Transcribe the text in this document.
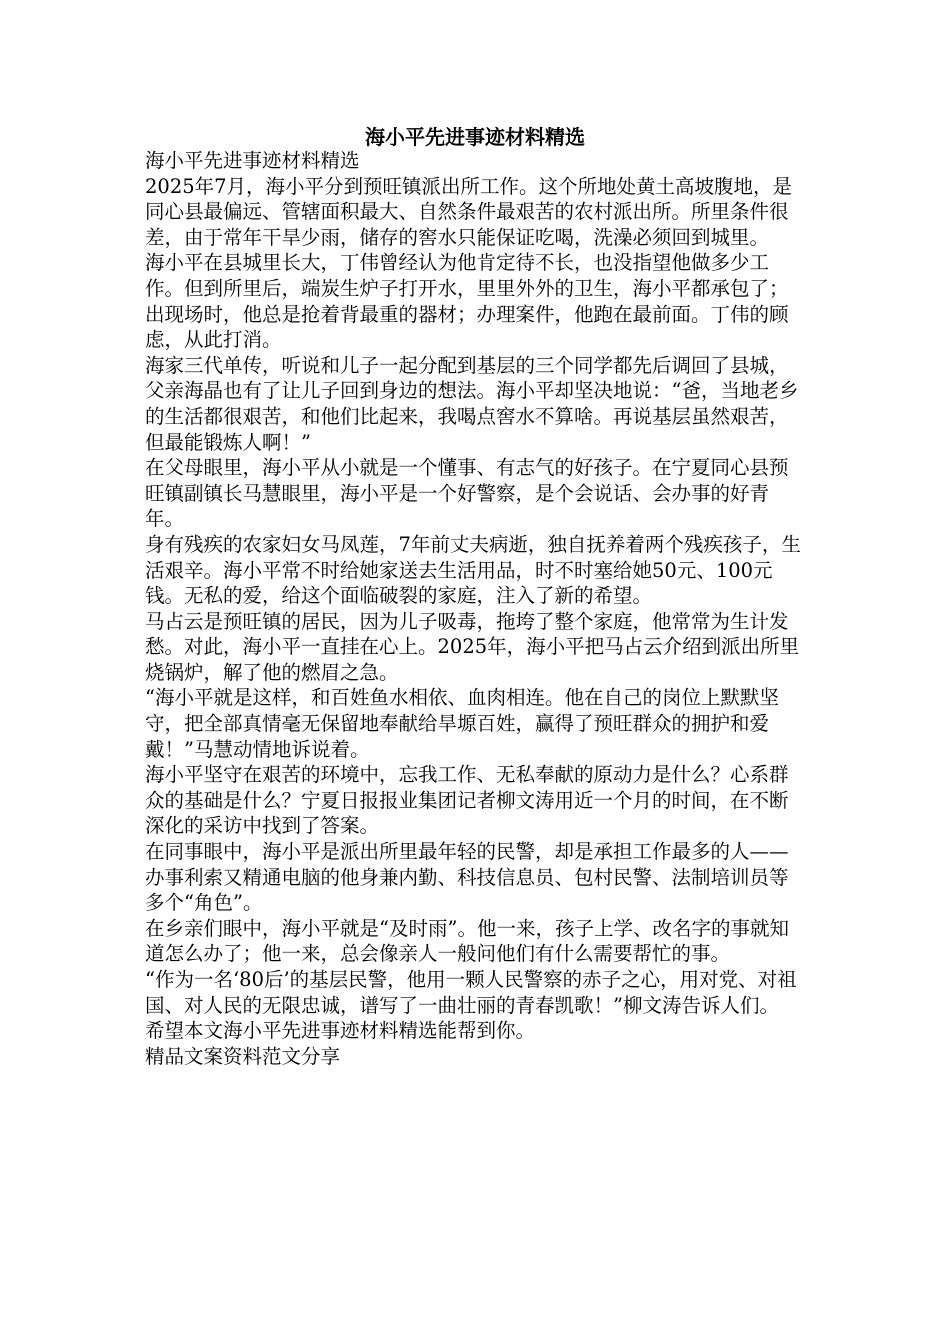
海小平先进事迹材料精选

海小平先进事迹材料精选

2025年7月，海小平分到预旺镇派出所工作。这个所地处黄土高坡腹地，是同心县最偏远、管辖面积最大、自然条件最艰苦的农村派出所。所里条件很差，由于常年干旱少雨，储存的窖水只能保证吃喝，洗澡必须回到城里。

海小平在县城里长大，丁伟曾经认为他肯定待不长，也没指望他做多少工作。但到所里后，端炭生炉子打开水，里里外外的卫生，海小平都承包了；出现场时，他总是抢着背最重的器材；办理案件，他跑在最前面。丁伟的顾虑，从此打消。

海家三代单传，听说和儿子一起分配到基层的三个同学都先后调回了县城，父亲海晶也有了让儿子回到身边的想法。海小平却坚决地说：“爸，当地老乡的生活都很艰苦，和他们比起来，我喝点窖水不算啥。再说基层虽然艰苦，但最能锻炼人啊！”

在父母眼里，海小平从小就是一个懂事、有志气的好孩子。在宁夏同心县预旺镇副镇长马慧眼里，海小平是一个好警察，是个会说话、会办事的好青年。

身有残疾的农家妇女马凤莲，7年前丈夫病逝，独自抚养着两个残疾孩子，生活艰辛。海小平常不时给她家送去生活用品，时不时塞给她50元、100元钱。无私的爱，给这个面临破裂的家庭，注入了新的希望。

马占云是预旺镇的居民，因为儿子吸毒，拖垮了整个家庭，他常常为生计发愁。对此，海小平一直挂在心上。2025年，海小平把马占云介绍到派出所里烧锅炉，解了他的燃眉之急。

“海小平就是这样，和百姓鱼水相依、血肉相连。他在自己的岗位上默默坚守，把全部真情毫无保留地奉献给旱塬百姓，赢得了预旺群众的拥护和爱戴！”马慧动情地诉说着。

海小平坚守在艰苦的环境中，忘我工作、无私奉献的原动力是什么？心系群众的基础是什么？宁夏日报报业集团记者柳文涛用近一个月的时间，在不断深化的采访中找到了答案。

在同事眼中，海小平是派出所里最年轻的民警，却是承担工作最多的人——办事利索又精通电脑的他身兼内勤、科技信息员、包村民警、法制培训员等多个“角色”。

在乡亲们眼中，海小平就是“及时雨”。他一来，孩子上学、改名字的事就知道怎么办了；他一来，总会像亲人一般问他们有什么需要帮忙的事。

“作为一名‘80后’的基层民警，他用一颗人民警察的赤子之心，用对党、对祖国、对人民的无限忠诚，谱写了一曲壮丽的青春凯歌！”柳文涛告诉人们。

希望本文海小平先进事迹材料精选能帮到你。

精品文案资料范文分享
